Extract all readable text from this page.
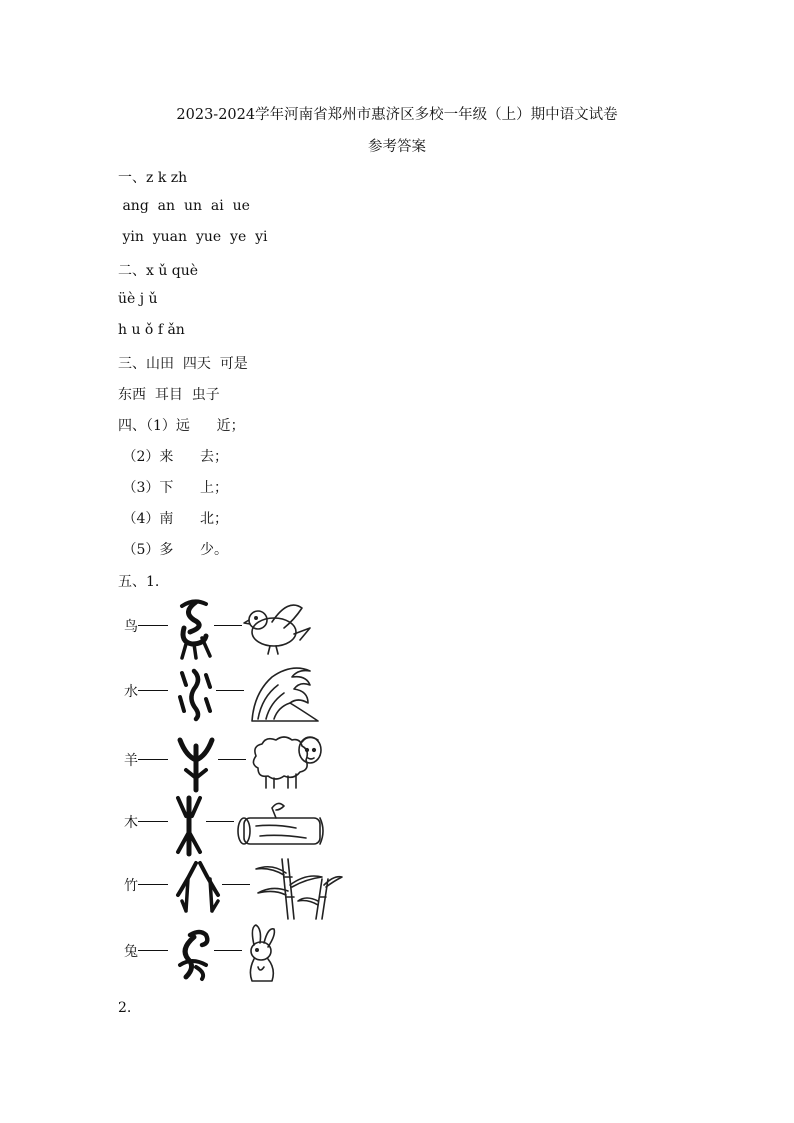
2023-2024学年河南省郑州市惠济区多校一年级（上）期中语文试卷
参考答案
一、z k zh
ang  an  un  ai  ue
yin  yuan  yue  ye  yi
二、x ǔ què
üè j ǔ
h u ǒ f ǎn
三、山田  四天  可是
东西  耳目  虫子
四、（1）远      近；
（2）来      去；
（3）下      上；
（4）南      北；
（5）多      少。
五、1.
鸟
水
羊
木
竹
兔
2.
